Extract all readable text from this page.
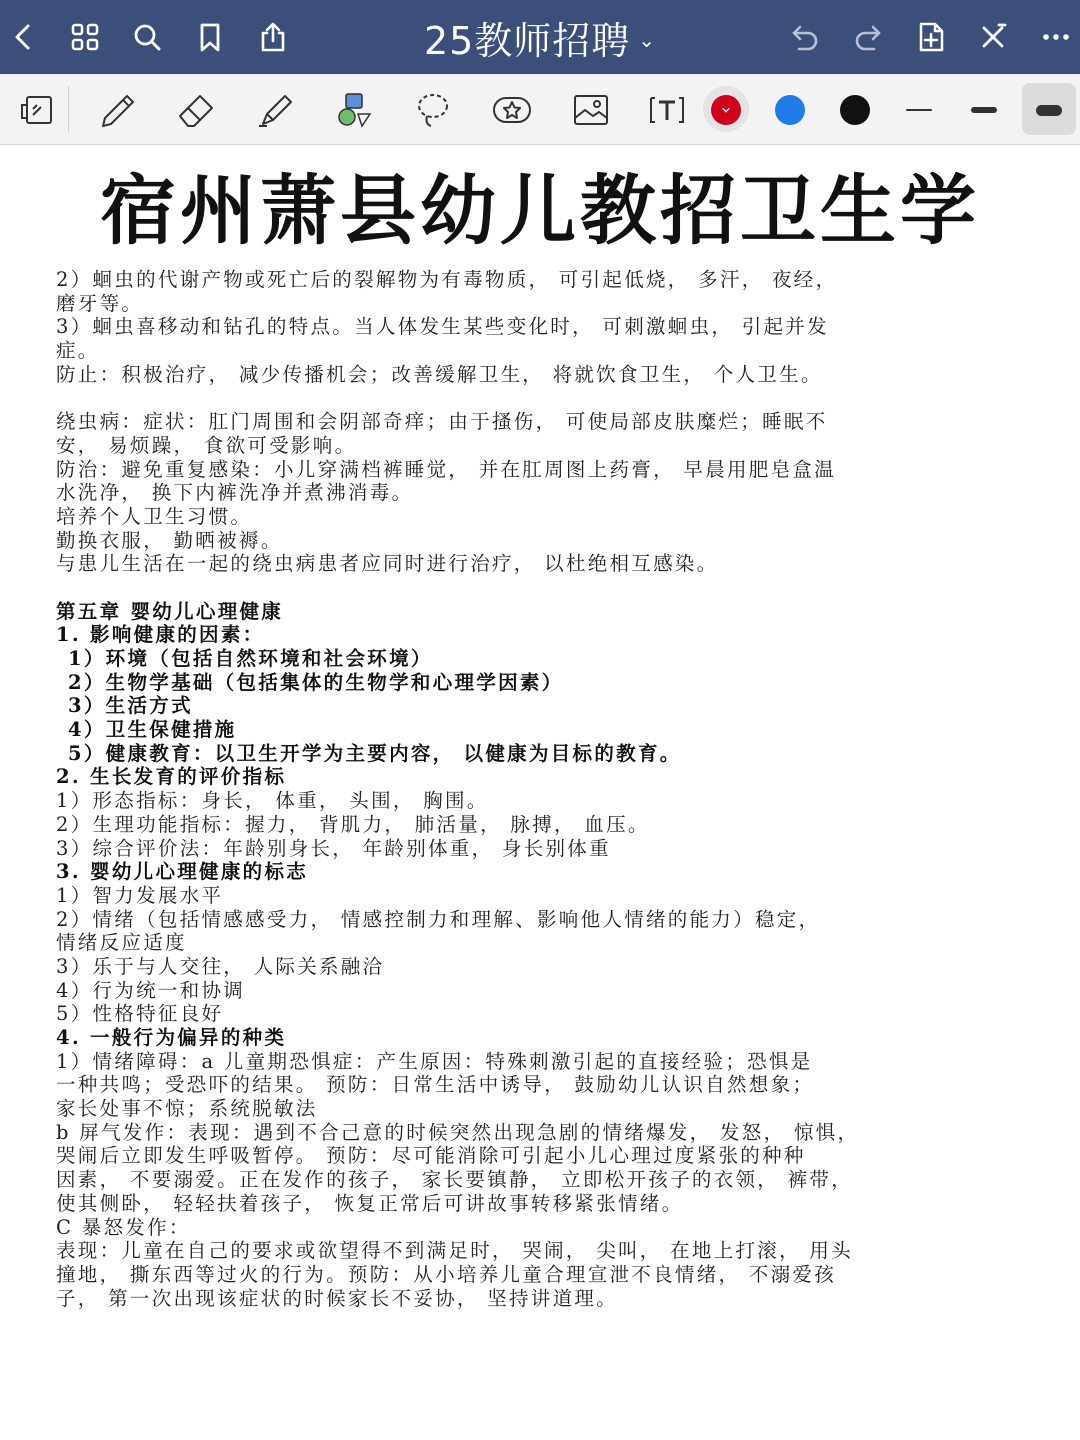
25教师招聘 ⌄
宿州萧县幼儿教招卫生学
2）蛔虫的代谢产物或死亡后的裂解物为有毒物质， 可引起低烧， 多汗， 夜经，
磨牙等。
3）蛔虫喜移动和钻孔的特点。当人体发生某些变化时， 可刺激蛔虫， 引起并发
症。
防止：积极治疗， 减少传播机会；改善缓解卫生， 将就饮食卫生， 个人卫生。
绕虫病：症状：肛门周围和会阴部奇痒；由于搔伤， 可使局部皮肤糜烂；睡眠不
安， 易烦躁， 食欲可受影响。
防治：避免重复感染：小儿穿满档裤睡觉， 并在肛周图上药膏， 早晨用肥皂盒温
水洗净， 换下内裤洗净并煮沸消毒。
培养个人卫生习惯。
勤换衣服， 勤晒被褥。
与患儿生活在一起的绕虫病患者应同时进行治疗， 以杜绝相互感染。
第五章 婴幼儿心理健康
1. 影响健康的因素：
1）环境（包括自然环境和社会环境）
2）生物学基础（包括集体的生物学和心理学因素）
3）生活方式
4）卫生保健措施
5）健康教育：以卫生开学为主要内容， 以健康为目标的教育。
2. 生长发育的评价指标
1）形态指标：身长， 体重， 头围， 胸围。
2）生理功能指标：握力， 背肌力， 肺活量， 脉搏， 血压。
3）综合评价法：年龄别身长， 年龄别体重， 身长别体重
3. 婴幼儿心理健康的标志
1）智力发展水平
2）情绪（包括情感感受力， 情感控制力和理解、影响他人情绪的能力）稳定，
情绪反应适度
3）乐于与人交往， 人际关系融洽
4）行为统一和协调
5）性格特征良好
4. 一般行为偏异的种类
1）情绪障碍：a 儿童期恐惧症：产生原因：特殊刺激引起的直接经验；恐惧是
一种共鸣；受恐吓的结果。 预防：日常生活中诱导， 鼓励幼儿认识自然想象；
家长处事不惊；系统脱敏法
b 屏气发作：表现：遇到不合己意的时候突然出现急剧的情绪爆发， 发怒， 惊惧，
哭闹后立即发生呼吸暂停。 预防：尽可能消除可引起小儿心理过度紧张的种种
因素， 不要溺爱。正在发作的孩子， 家长要镇静， 立即松开孩子的衣领， 裤带，
使其侧卧， 轻轻扶着孩子， 恢复正常后可讲故事转移紧张情绪。
C 暴怒发作：
表现：儿童在自己的要求或欲望得不到满足时， 哭闹， 尖叫， 在地上打滚， 用头
撞地， 撕东西等过火的行为。预防：从小培养儿童合理宣泄不良情绪， 不溺爱孩
子， 第一次出现该症状的时候家长不妥协， 坚持讲道理。
